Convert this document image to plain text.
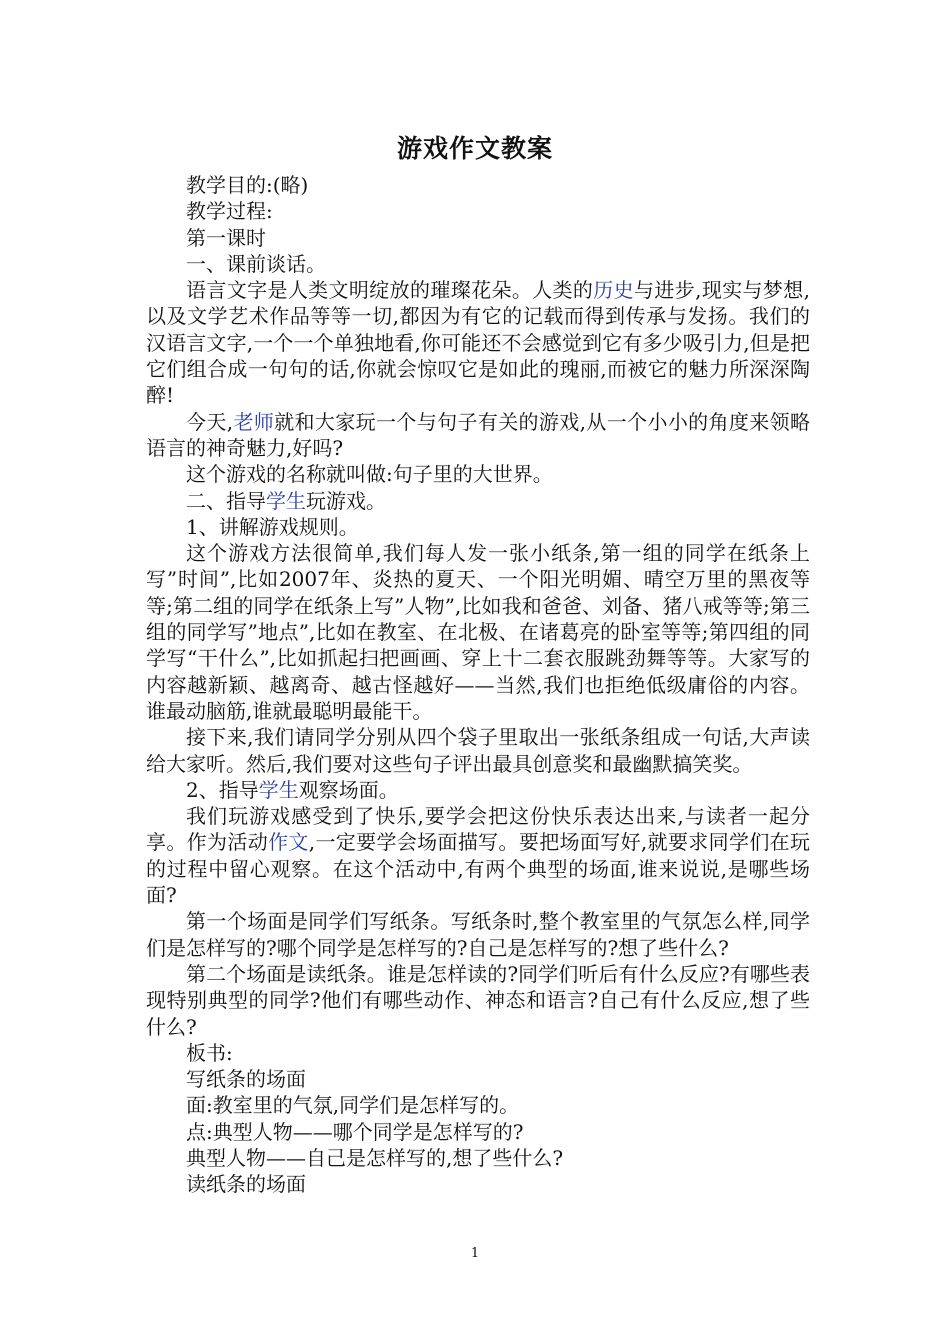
游戏作文教案

教学目的:(略)

教学过程:

第一课时

一、课前谈话。

语言文字是人类文明绽放的璀璨花朵。人类的历史与进步,现实与梦想,以及文学艺术作品等等一切,都因为有它的记载而得到传承与发扬。我们的汉语言文字,一个一个单独地看,你可能还不会感觉到它有多少吸引力,但是把它们组合成一句句的话,你就会惊叹它是如此的瑰丽,而被它的魅力所深深陶醉!

今天,老师就和大家玩一个与句子有关的游戏,从一个小小的角度来领略语言的神奇魅力,好吗?

这个游戏的名称就叫做:句子里的大世界。

二、指导学生玩游戏。

1、讲解游戏规则。

这个游戏方法很简单,我们每人发一张小纸条,第一组的同学在纸条上写”时间”,比如2007年、炎热的夏天、一个阳光明媚、晴空万里的黑夜等等;第二组的同学在纸条上写”人物”,比如我和爸爸、刘备、猪八戒等等;第三组的同学写”地点”,比如在教室、在北极、在诸葛亮的卧室等等;第四组的同学写“干什么”,比如抓起扫把画画、穿上十二套衣服跳劲舞等等。大家写的内容越新颖、越离奇、越古怪越好——当然,我们也拒绝低级庸俗的内容。谁最动脑筋,谁就最聪明最能干。

接下来,我们请同学分别从四个袋子里取出一张纸条组成一句话,大声读给大家听。然后,我们要对这些句子评出最具创意奖和最幽默搞笑奖。

2、指导学生观察场面。

我们玩游戏感受到了快乐,要学会把这份快乐表达出来,与读者一起分享。作为活动作文,一定要学会场面描写。要把场面写好,就要求同学们在玩的过程中留心观察。在这个活动中,有两个典型的场面,谁来说说,是哪些场面?

第一个场面是同学们写纸条。写纸条时,整个教室里的气氛怎么样,同学们是怎样写的?哪个同学是怎样写的?自己是怎样写的?想了些什么?

第二个场面是读纸条。谁是怎样读的?同学们听后有什么反应?有哪些表现特别典型的同学?他们有哪些动作、神态和语言?自己有什么反应,想了些什么?

板书:

写纸条的场面

面:教室里的气氛,同学们是怎样写的。

点:典型人物——哪个同学是怎样写的?

典型人物——自己是怎样写的,想了些什么?

读纸条的场面

1
